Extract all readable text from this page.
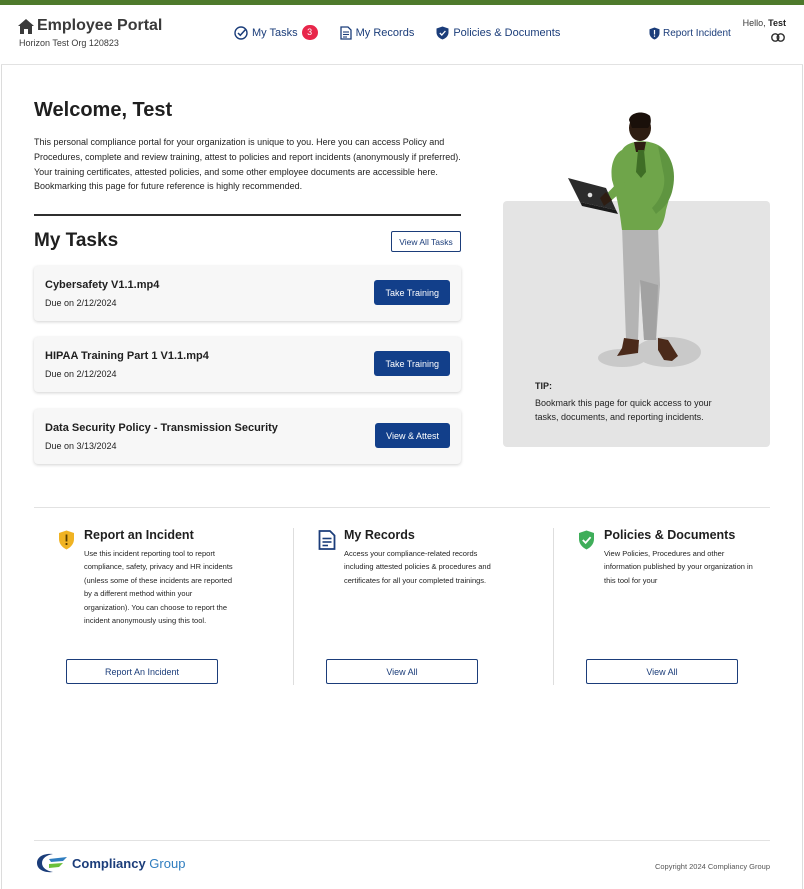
Employee Portal
Horizon Test Org 120823
My Tasks	3	My Records	Policies & Documents	Report Incident
Hello, Test
Welcome, Test

This personal compliance portal for your organization is unique to you. Here you can access Policy and Procedures, complete and review training, attest to policies and report incidents (anonymously if preferred). Your training certificates, attested policies, and some other employee documents are accessible here. Bookmarking this page for future reference is highly recommended.

My Tasks	View All Tasks
Cybersafety V1.1.mp4
Due on 2/12/2024
Take Training
HIPAA Training Part 1 V1.1.mp4
Due on 2/12/2024
Take Training
Data Security Policy - Transmission Security
Due on 3/13/2024
View & Attest
TIP:
Bookmark this page for quick access to your tasks, documents, and reporting incidents.
Report an Incident
Use this incident reporting tool to report compliance, safety, privacy and HR incidents (unless some of these incidents are reported by a different method within your organization). You can choose to report the incident anonymously using this tool.
Report An Incident
My Records
Access your compliance-related records including attested policies & procedures and certificates for all your completed trainings.
View All
Policies & Documents
View Policies, Procedures and other information published by your organization in this tool for your
View All
Compliancy Group	Copyright 2024 Compliancy Group
